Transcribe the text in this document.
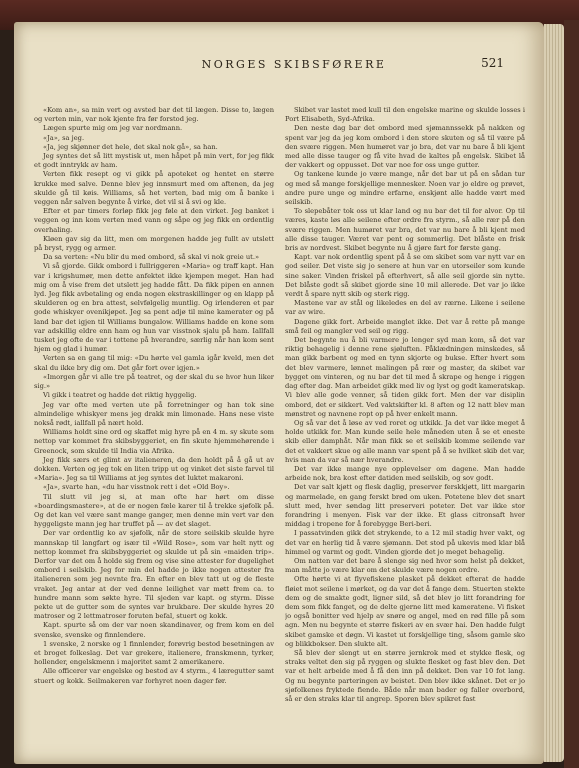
NORGES SKIBSFØRERE	521

«Kom an», sa min vert og avsted bar det til lægen. Disse to, lægen og verten min, var nok kjente fra før forstod jeg.

Lægen spurte mig om jeg var nordmann.

«Ja», sa jeg.

«Ja, jeg skjønner det hele, det skal nok gå», sa han.

Jeg syntes det så litt mystisk ut, men håpet på min vert, for jeg fikk et godt inntrykk av ham.

Verten fikk resept og vi gikk på apoteket og hentet en større krukke med salve. Denne blev jeg innsmurt med om aftenen, da jeg skulde gå til køis. Williams, så het verten, bad mig om å banke i veggen når salven begynte å virke, det vil si å svi og kle.

Efter et par timers forløp fikk jeg føle at den virket. Jeg banket i veggen og inn kom verten med vann og såpe og jeg fikk en ordentlig overhaling.

Kløen gav sig da litt, men om morgenen hadde jeg fullt av utslett på bryst, rygg og armer.

Da sa verten: «Nu blir du med ombord, så skal vi nok greie ut.»

Vi så gjorde. Gikk ombord i fullriggeren «Maria» og traff kapt. Han var i krigshumør, men dette anfektet ikke kjempen meget. Han had mig om å vise frem det utslett jeg hadde fått. Da fikk pipen en annen lyd. Jeg fikk avbetaling og enda nogen ekstraskillinger og en klapp på skulderen og en bra attest, selvfølgelig muntlig. Og irlenderen et par gode whiskyer ovenikjøpet. Jeg sa pent adjø til mine kamerater og på land bar det igjen til Williams bungalow. Williams hadde en kone som var adskillig eldre enn ham og hun var visstnok sjalu på ham. Iallfall tusket jeg ofte de var i tottene på hverandre, særlig når han kom sent hjem og glad i humør.

Verten sa en gang til mig: «Du hørte vel gamla igår kveld, men det skal du ikke bry dig om. Det går fort over igjen.»

«Imorgen går vi alle tre på teatret, og der skal du se hvor hun liker sig.»

Vi gikk i teatret og hadde det riktig hyggelig.

Jeg var ofte med verten ute på forretninger og han tok sine almindelige whiskyer mens jeg drakk min limonade. Hans nese viste nokså rødt, iallfall på nært hold.

Williams holdt sine ord og skaffet mig hyre på en 4 m. sy skute som nettop var kommet fra skibsbyggeriet, en fin skute hjemmehørende i Greenock, som skulde til India via Afrika.

Jeg fikk særs et glimt av italieneren, da den holdt på å gå ut av dokken. Verten og jeg tok en liten tripp ut og vinket det siste farvel til «Maria». Jeg sa til Williams at jeg syntes det luktet makaroni.

«Ja», svarte han, «du har visstnok rett i det «Old Boy».

Til slutt vil jeg si, at man ofte har hørt om disse «boardingsmastere», at de er nogen fæle karer til å trekke sjøfolk på. Og det kan vel være sant mange ganger, men denne min vert var den hyggeligste mann jeg har truffet på — av det slaget.

Der var ordentlig ko av sjøfolk, når de store seilskib skulde hyre mannskap til langfart og især til «Wild Rose», som var helt nytt og nettop kommet fra skibsbyggeriet og skulde ut på sin «maiden trip». Derfor var det om å holde sig frem og vise sine attester for dugelighet ombord i seilskib. Jeg for min del hadde jo ikke nogen attester fra italieneren som jeg nevnte fra. En efter en blev tatt ut og de fleste vraket. Jeg antar at der ved denne leilighet var møtt frem ca. to hundre mann som søkte hyre. Til sjeden var kapt. og styrm. Disse pekte ut de gutter som de syntes var brukbare. Der skulde hyres 20 matroser og 2 lettmatroser foruten befal, stuert og kokk.

Kapt. spurte så om der var noen skandinaver, og frem kom en del svenske, svenske og finnlendere.

1 svenske, 2 norske og 1 finnlender, forøvrig bestod besetningen av et broget folkeslag. Det var grekere, italienere, franskmenn, tyrker, hollender, engelskmenn i majoritet samt 2 amerikanere.

Alle officerer var engelske og bestod av 4 styrm., 4 læregutter samt stuert og kokk. Seilmakeren var forhyret noen dager før.

Skibet var lastet med kull til den engelske marine og skulde losses i Port Elisabeth, Syd-Afrika.

Den neste dag bar det ombord med sjømannssekk på nakken og spent var jeg da jeg kom ombord i den store skuten og så til være på den svære riggen. Men humøret var jo bra, det var nu bare å bli kjent med alle disse tauger og få vite hvad de kaltes på engelsk. Skibet lå der vakkert og oppusset. Det var noe for oss unge gutter.

Og tankene kunde jo være mange, når det bar ut på en sådan tur og med så mange forskjellige mennesker. Noen var jo eldre og prøvet, andre pure unge og mindre erfarne, enskjønt alle hadde vært med seilskib.

To slepebåter tok oss ut klar land og nu bar det til for alvor. Op til væres, kaste løs alle seilene efter ordre fra styrm., så alle rær på den svære riggen. Men humøret var bra, det var nu bare å bli kjent med alle disse tauger. Været var pent og sommerlig. Det blåste en frisk bris av nordvest. Skibet begynte nu å gjøre fart for første gang.

Kapt. var nok ordentlig spent på å se om skibet som var nytt var en god seiler. Det viste sig jo senere at hun var en utorseiler som kunde sine saker. Vinden friskel på efterhvert, så alle seil gjorde sin nytte. Det blåste godt så skibet gjorde sine 10 mil allerede. Det var jo ikke verdt å spare nytt skib og sterk rigg.

Mastene var av stål og likeledes en del av rærne. Likene i seilene var av wire.

Dagene gikk fort. Arbeide manglet ikke. Det var å rette på mange små feil og mangler ved seil og rigg.

Det begynte nu å bli varmere jo lenger syd man kom, så det var riktig behagelig i denne rene sjøluften. Påklædningen minskedes, så man gikk barbent og med en tynn skjorte og bukse. Efter hvert som det blev varmere, lønnet malingen på rær og master, da skibet var bygget om vinteren, og nu bar det til med å skrape og henge i riggen dag efter dag. Man arbeidet gikk med liv og lyst og godt kameratskap. Vi blev alle gode venner, så tiden gikk fort. Men der var disiplin ombord, det er sikkert. Ved vaktskifter kl. 8 aften og 12 natt blev man mønstret og navnene ropt op på hver enkelt mann.

Og så var det å løse av ved roret og utkikk. Ja det var ikke meget å holde utkikk for. Man kunde seile hele måneden uten å se et eneste skib eller damphåt. Når man fikk se et seilskib komme seilende var det et vakkert skue og alle mann var spent på å se hvilket skib det var, hvis man da var så nær hverandre.

Det var ikke mange nye opplevelser om dagene. Man hadde arbeide nok, bra kost efter datiden med seilskib, og sov godt.

Det var salt kjøtt og flesk daglig, preserver ferskkjøtt, litt margarin og marmelade, en gang ferskt brød om uken. Potetene blev det snart slutt med, hver søndag litt preserveri poteter. Det var ikke stor forandring i menyen. Fisk var der ikke. Et glass citronsaft hver middag i tropene for å forebygge Beri-beri.

I passatvinden gikk det strykende, to a 12 mil stadig hver vakt, og det var en herlig tid å være sjømann. Det stod på ukevis med klar blå himmel og varmt og godt. Vinden gjorde det jo meget behagelig.

Om natten var det bare å slenge sig ned hvor som helst på dekket, man måtte jo være klar om det skulde være nogen ordre.

Ofte hørte vi at flyvefiskene plasket på dekket efterat de hadde fløiet mot seilene i mørket, og da var det å fange dem. Stuerten stekte dem og de smakte godt, ligner sild, så det blev jo litt forandring for dem som fikk fanget, og de delte gjerne litt med kameratene. Vi fisket jo også bonitter ved hjelp av snøre og angel, med en rød fille på som agn. Men nu begynte et større fiskeri av en svær hai. Den hadde fulgt skibet gamske et døgn. Vi kastet ut forskjellige ting, såsom gamle sko og blikkbokser. Den slukte alt.

Så blev der slengt ut en større jernkrok med et stykke flesk, og straks veltet den sig på ryggen og slukte flesket og fast blev den. Det var et helt arbeide med å få den inn på dekket. Den var 10 fot lang. Og nu begynte parteringen av beistet. Den blev ikke skånet. Det er jo sjøfolkenes fryktede fiende. Både når man bader og faller overbord, så er den straks klar til angrep. Sporen blev spikret fast
